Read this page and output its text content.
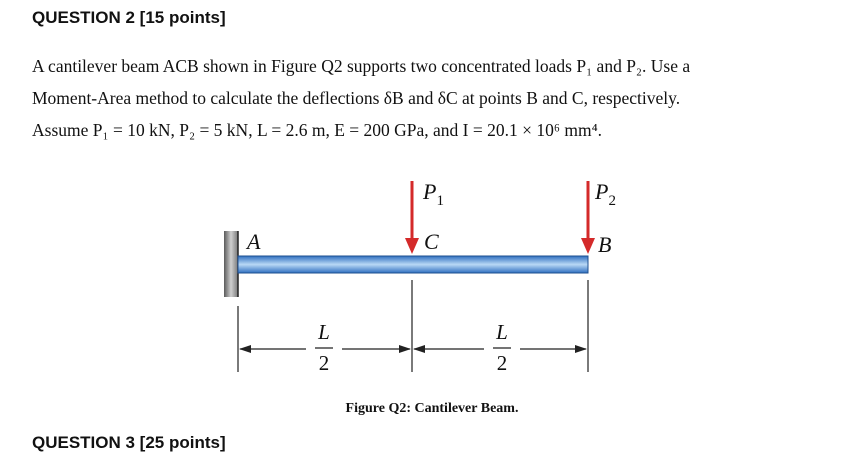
QUESTION 2 [15 points]

A cantilever beam ACB shown in Figure Q2 supports two concentrated loads P₁ and P₂. Use a

Moment-Area method to calculate the deflections δB and δC at points B and C, respectively.

Assume P₁ = 10 kN, P₂ = 5 kN, L = 2.6 m, E = 200 GPa, and I = 20.1 × 10⁶ mm⁴.

A
$P_1$
C
$P_2$
B
L
2
L
2
Figure Q2: Cantilever Beam.
QUESTION 3 [25 points]
